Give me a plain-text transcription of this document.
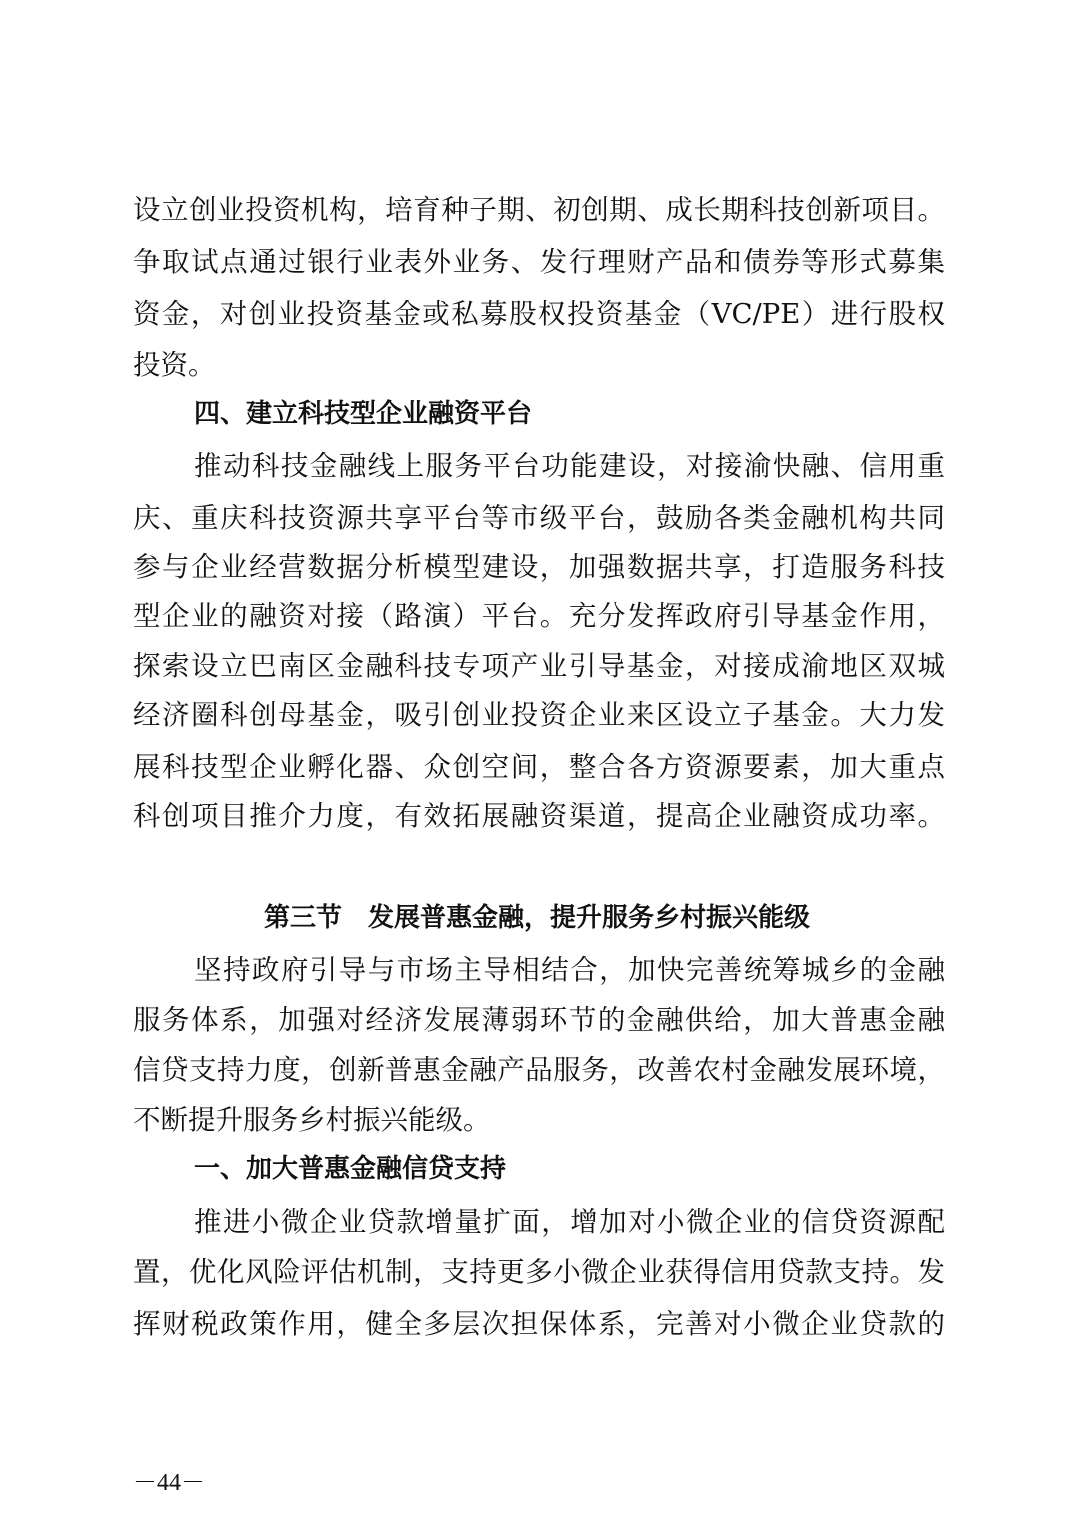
设立创业投资机构，培育种子期、初创期、成长期科技创新项目。
争取试点通过银行业表外业务、发行理财产品和债券等形式募集
资金，对创业投资基金或私募股权投资基金（VC/PE）进行股权
投资。
四、建立科技型企业融资平台
推动科技金融线上服务平台功能建设，对接渝快融、信用重
庆、重庆科技资源共享平台等市级平台，鼓励各类金融机构共同
参与企业经营数据分析模型建设，加强数据共享，打造服务科技
型企业的融资对接（路演）平台。充分发挥政府引导基金作用，
探索设立巴南区金融科技专项产业引导基金，对接成渝地区双城
经济圈科创母基金，吸引创业投资企业来区设立子基金。大力发
展科技型企业孵化器、众创空间，整合各方资源要素，加大重点
科创项目推介力度，有效拓展融资渠道，提高企业融资成功率。
第三节　发展普惠金融，提升服务乡村振兴能级
坚持政府引导与市场主导相结合，加快完善统筹城乡的金融
服务体系，加强对经济发展薄弱环节的金融供给，加大普惠金融
信贷支持力度，创新普惠金融产品服务，改善农村金融发展环境，
不断提升服务乡村振兴能级。
一、加大普惠金融信贷支持
推进小微企业贷款增量扩面，增加对小微企业的信贷资源配
置，优化风险评估机制，支持更多小微企业获得信用贷款支持。发
挥财税政策作用，健全多层次担保体系，完善对小微企业贷款的
－44－
